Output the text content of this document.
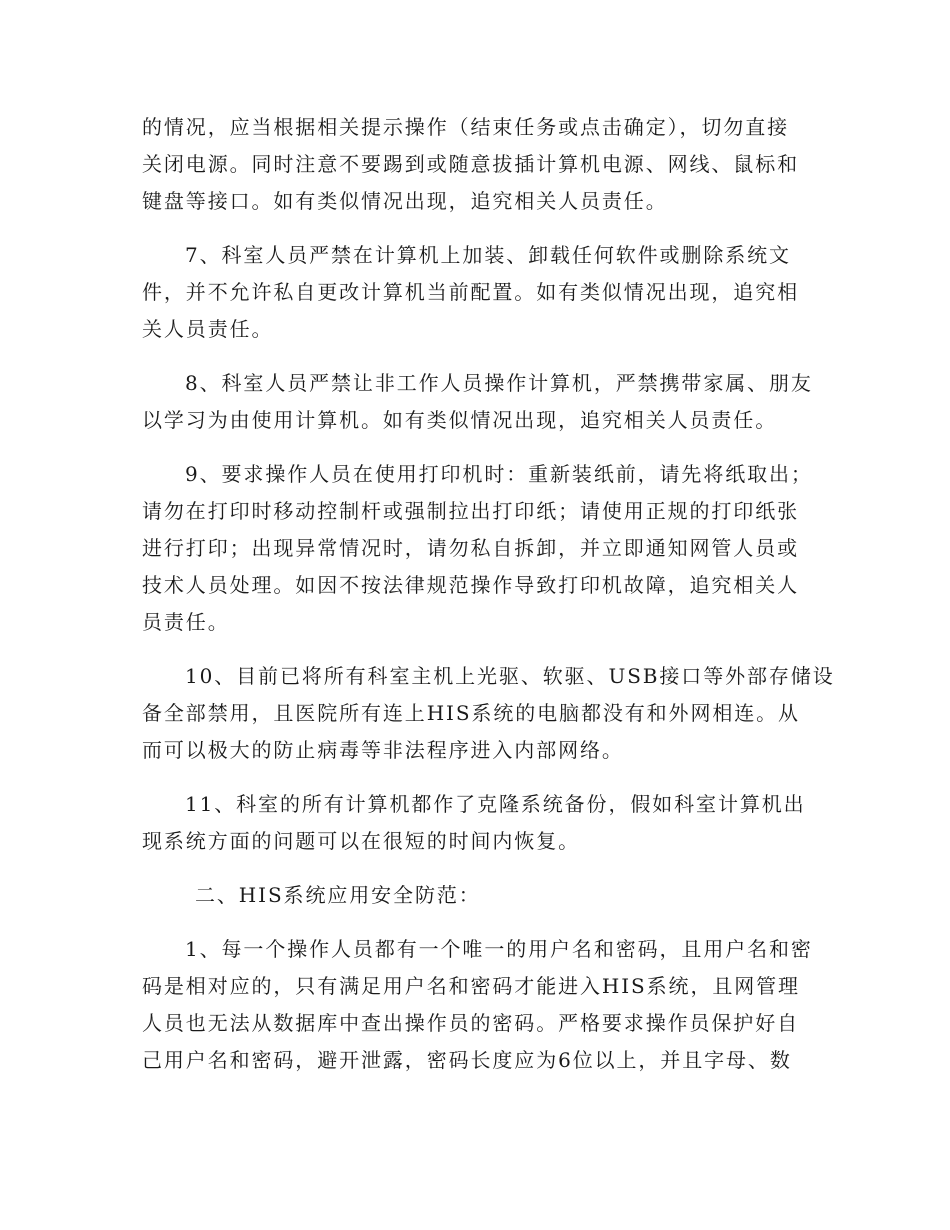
的情况，应当根据相关提示操作（结束任务或点击确定），切勿直接
关闭电源。同时注意不要踢到或随意拔插计算机电源、网线、鼠标和
键盘等接口。如有类似情况出现，追究相关人员责任。
7、科室人员严禁在计算机上加装、卸载任何软件或删除系统文
件，并不允许私自更改计算机当前配置。如有类似情况出现，追究相
关人员责任。
8、科室人员严禁让非工作人员操作计算机，严禁携带家属、朋友
以学习为由使用计算机。如有类似情况出现，追究相关人员责任。
9、要求操作人员在使用打印机时：重新装纸前，请先将纸取出；
请勿在打印时移动控制杆或强制拉出打印纸；请使用正规的打印纸张
进行打印；出现异常情况时，请勿私自拆卸，并立即通知网管人员或
技术人员处理。如因不按法律规范操作导致打印机故障，追究相关人
员责任。
10、目前已将所有科室主机上光驱、软驱、USB接口等外部存储设
备全部禁用，且医院所有连上HIS系统的电脑都没有和外网相连。从
而可以极大的防止病毒等非法程序进入内部网络。
11、科室的所有计算机都作了克隆系统备份，假如科室计算机出
现系统方面的问题可以在很短的时间内恢复。
二、HIS系统应用安全防范：
1、每一个操作人员都有一个唯一的用户名和密码，且用户名和密
码是相对应的，只有满足用户名和密码才能进入HIS系统，且网管理
人员也无法从数据库中查出操作员的密码。严格要求操作员保护好自
己用户名和密码，避开泄露，密码长度应为6位以上，并且字母、数
